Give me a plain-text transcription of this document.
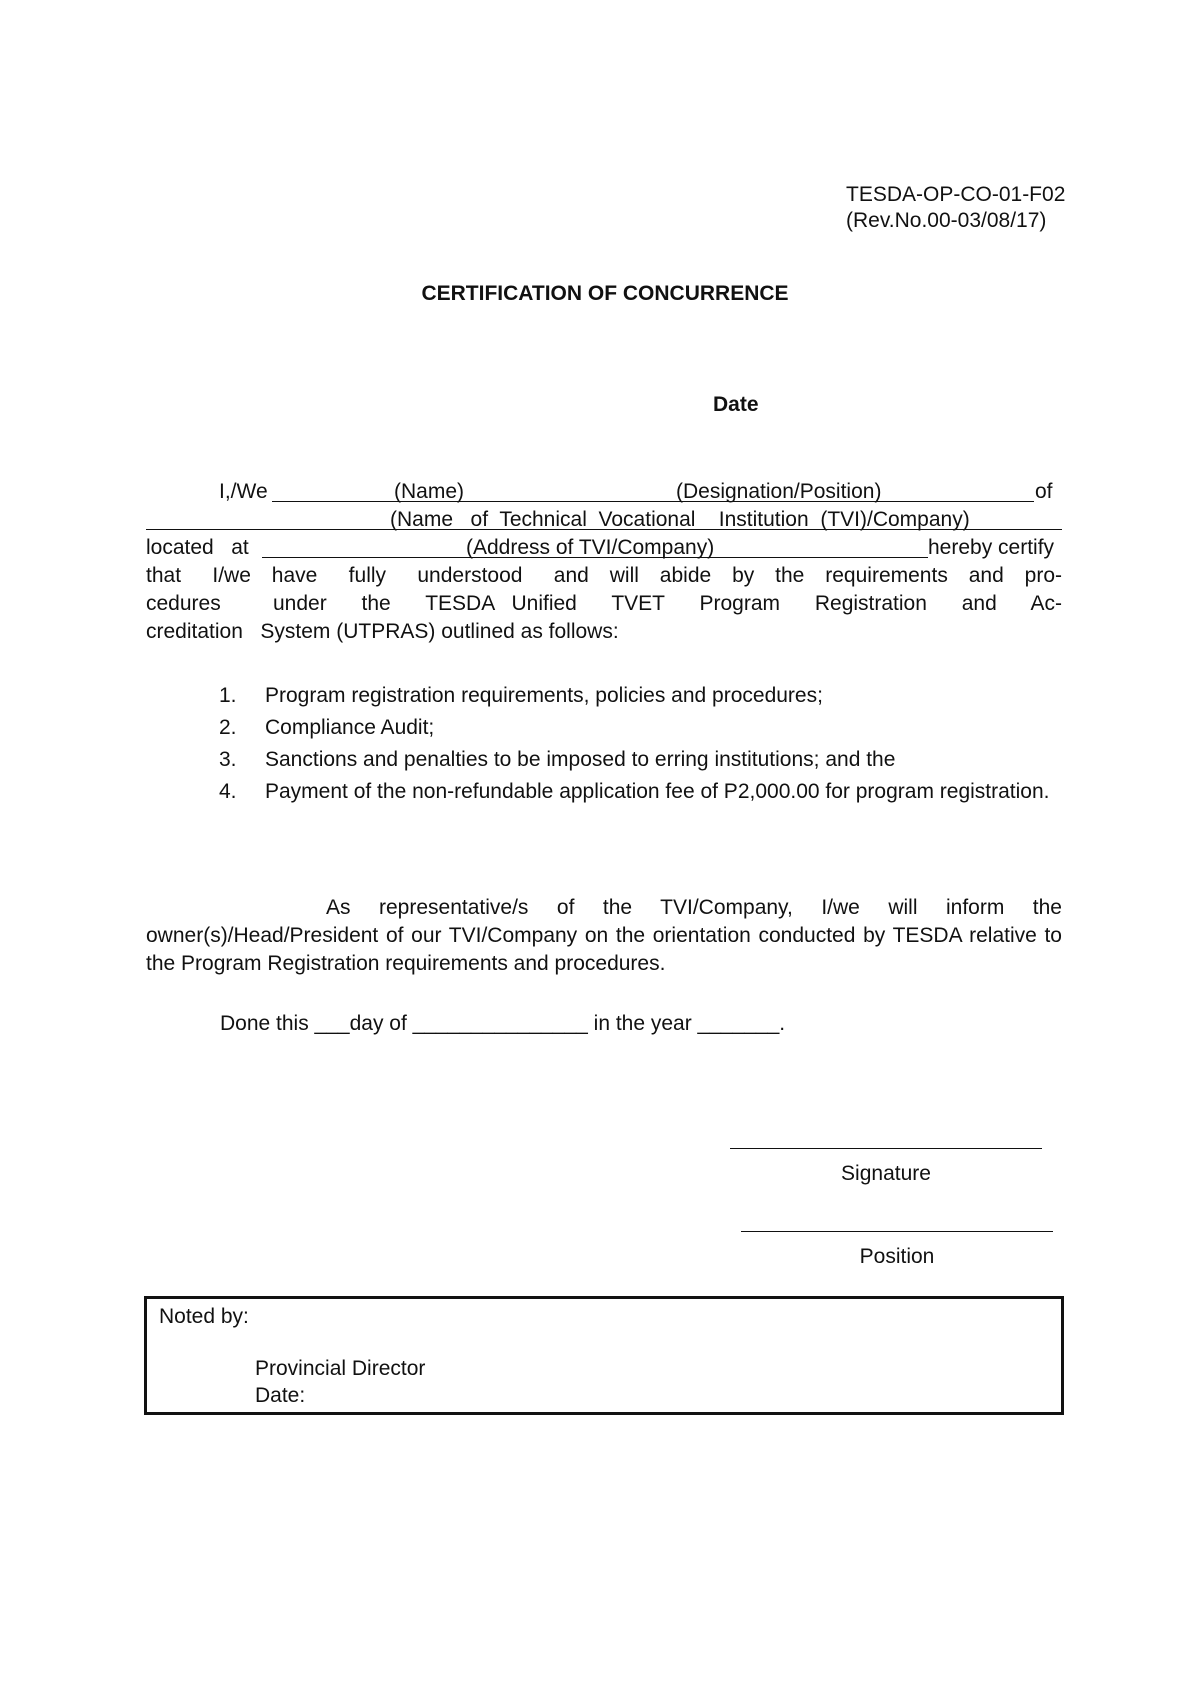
TESDA-OP-CO-01-F02
(Rev.No.00-03/08/17)
CERTIFICATION OF CONCURRENCE
Date
I,/We	(Name)	(Designation/Position)	of
(Name   of  Technical  Vocational    Institution  (TVI)/Company)
located   at	(Address of TVI/Company)	hereby certify
that   I/we  have   fully   understood   and  will  abide  by  the  requirements  and  pro-
cedures   under  the  TESDA Unified  TVET  Program  Registration  and  Ac-
creditation   System (UTPRAS) outlined as follows:
1. Program registration requirements, policies and procedures;
2. Compliance Audit;
3. Sanctions and penalties to be imposed to erring institutions; and the
4. Payment of the non-refundable application fee of P2,000.00 for program registration.
As representative/s of the TVI/Company, I/we will inform the owner(s)/Head/President of our TVI/Company on the orientation conducted by TESDA relative to the Program Registration requirements and procedures.
Done this ___day of _______________ in the year _______.
Signature
Position
Noted by:
Provincial Director
Date:
